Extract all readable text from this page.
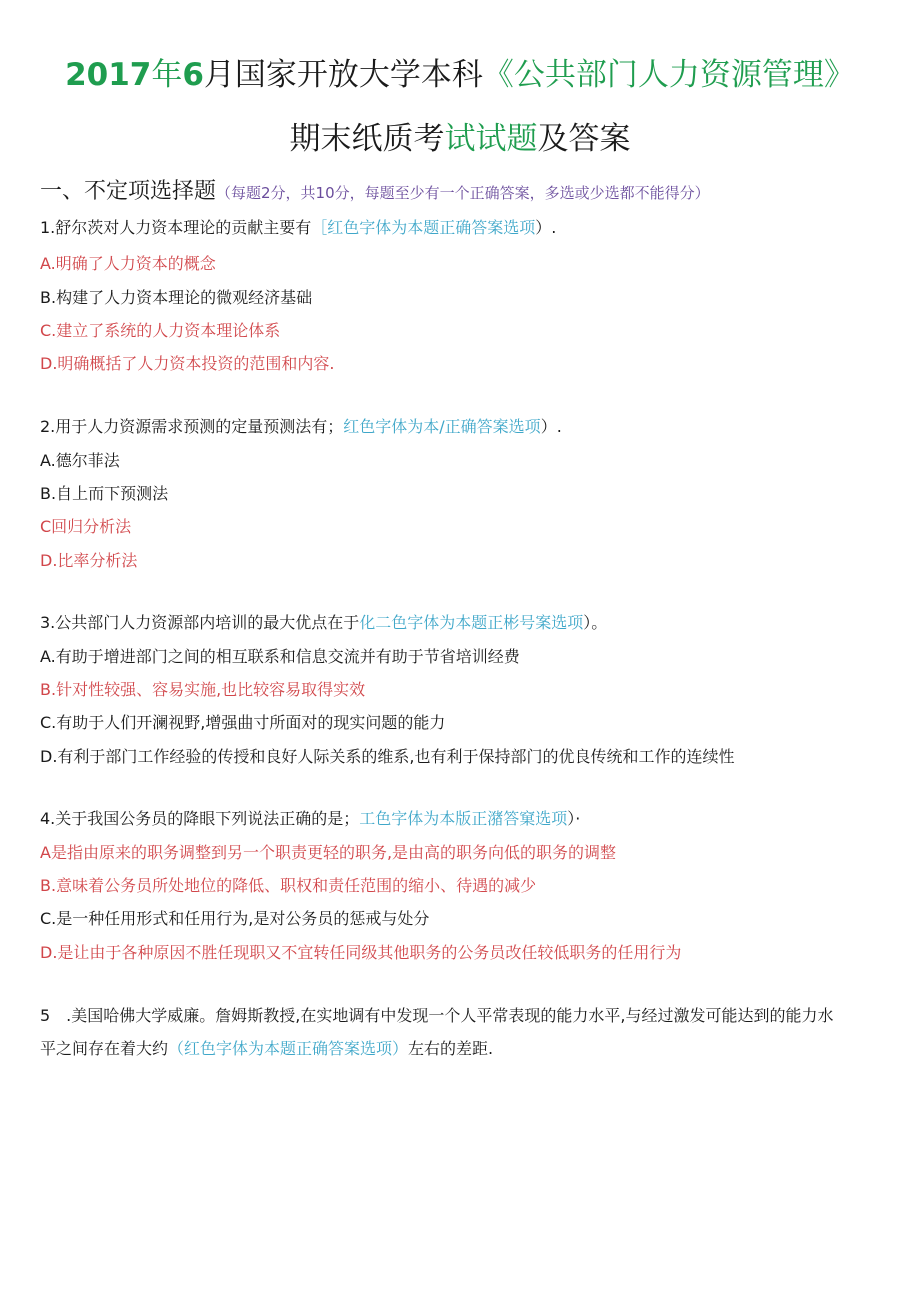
2017年6月国家开放大学本科《公共部门人力资源管理》
期末纸质考试试题及答案
一、不定项选择题（每题2分，共10分，每题至少有一个正确答案，多选或少选都不能得分）
1.舒尔茨对人力资本理论的贡献主要有［红色字体为本题正确答案选项）.
A.明确了人力资本的概念
B.构建了人力资本理论的微观经济基础
C.建立了系统的人力资本理论体系
D.明确概括了人力资本投资的范围和内容.
2.用于人力资源需求预测的定量预测法有；红色字体为本/正确答案选项）.
A.德尔菲法
B.自上而下预测法
C回归分析法
D.比率分析法
3.公共部门人力资源部内培训的最大优点在于化二色字体为本题正彬号案选项）。
A.有助于增进部门之间的相互联系和信息交流并有助于节省培训经费
B.针对性较强、容易实施,也比较容易取得实效
C.有助于人们开澜视野,增强曲寸所面对的现实问题的能力
D.有利于部门工作经验的传授和良好人际关系的维系,也有利于保持部门的优良传统和工作的连续性
4.关于我国公务员的降眼下列说法正确的是；工色字体为本版正潴答窠选项）·
A是指由原来的职务调整到另一个职责更轻的职务,是由高的职务向低的职务的调整
B.意味着公务员所处地位的降低、职权和责任范围的缩小、待遇的减少
C.是一种任用形式和任用行为,是对公务员的惩戒与处分
D.是让由于各种原因不胜任现职又不宜转任同级其他职务的公务员改任较低职务的任用行为
5　.美国哈佛大学威廉。詹姆斯教授,在实地调有中发现一个人平常表现的能力水平,与经过激发可能达到的能力水
平之间存在着大约（红色字体为本题正确答案选项）左右的差距.
